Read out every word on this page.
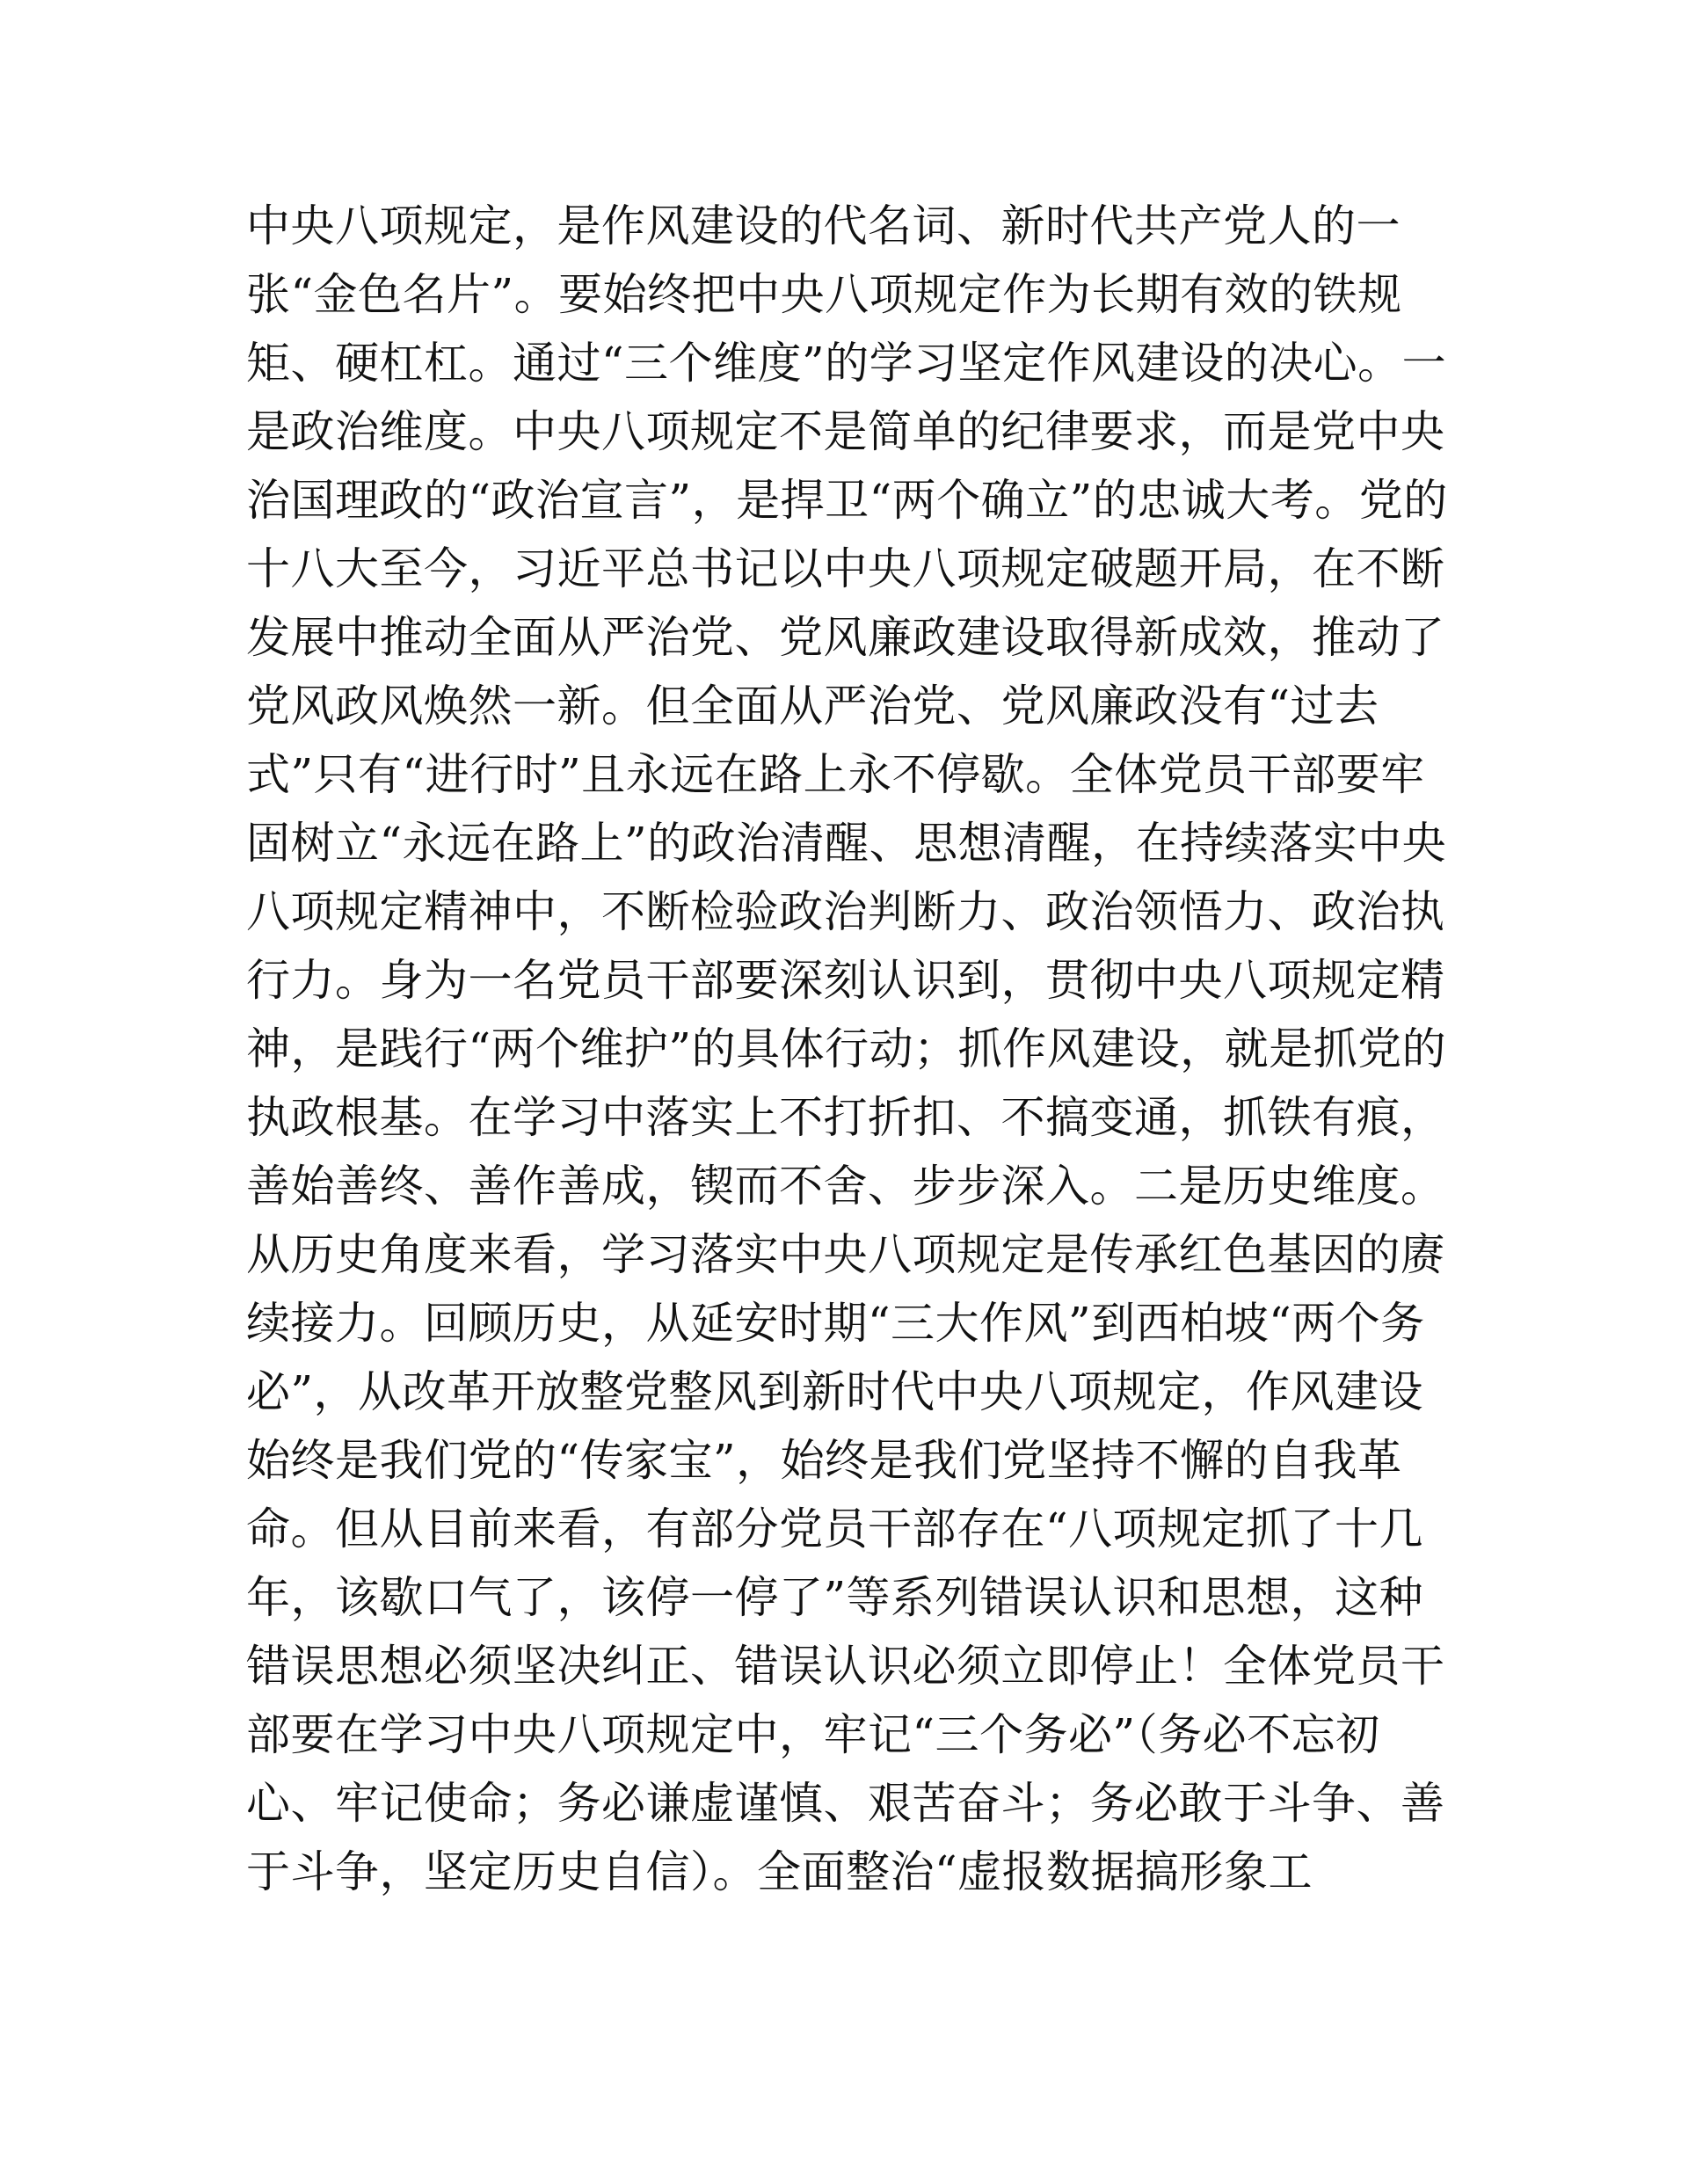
中央八项规定，是作风建设的代名词、新时代共产党人的一
张“金色名片”。要始终把中央八项规定作为长期有效的铁规
矩、硬杠杠。通过“三个维度”的学习坚定作风建设的决心。一
是政治维度。中央八项规定不是简单的纪律要求，而是党中央
治国理政的“政治宣言”，是捍卫“两个确立”的忠诚大考。党的
十八大至今，习近平总书记以中央八项规定破题开局，在不断
发展中推动全面从严治党、党风廉政建设取得新成效，推动了
党风政风焕然一新。但全面从严治党、党风廉政没有“过去
式”只有“进行时”且永远在路上永不停歇。全体党员干部要牢
固树立“永远在路上”的政治清醒、思想清醒，在持续落实中央
八项规定精神中，不断检验政治判断力、政治领悟力、政治执
行力。身为一名党员干部要深刻认识到，贯彻中央八项规定精
神，是践行“两个维护”的具体行动；抓作风建设，就是抓党的
执政根基。在学习中落实上不打折扣、不搞变通，抓铁有痕，
善始善终、善作善成，锲而不舍、步步深入。二是历史维度。
从历史角度来看，学习落实中央八项规定是传承红色基因的赓
续接力。回顾历史，从延安时期“三大作风”到西柏坡“两个务
必”，从改革开放整党整风到新时代中央八项规定，作风建设
始终是我们党的“传家宝”，始终是我们党坚持不懈的自我革
命。但从目前来看，有部分党员干部存在“八项规定抓了十几
年，该歇口气了，该停一停了”等系列错误认识和思想，这种
错误思想必须坚决纠正、错误认识必须立即停止！全体党员干
部要在学习中央八项规定中，牢记“三个务必”（务必不忘初
心、牢记使命；务必谦虚谨慎、艰苦奋斗；务必敢于斗争、善
于斗争，坚定历史自信）。全面整治“虚报数据搞形象工
